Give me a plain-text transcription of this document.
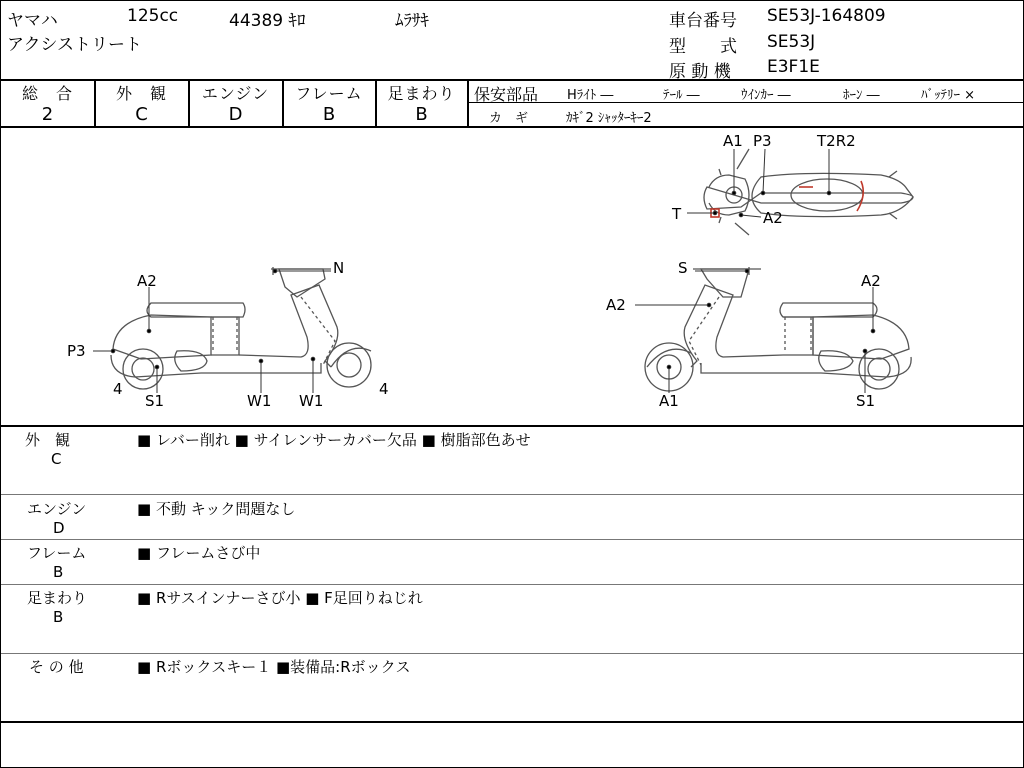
ヤマハ	125cc	44389 ｷﾛ	ﾑﾗｻｷ
アクシストリート
車台番号 SE53J-164809
型　　式 SE53J
原 動 機 E3F1E
総　合
2
外　観
C
エンジン
D
フレーム
B
足まわり
B
保安部品 Hﾗｲﾄ ―	ﾃｰﾙ ―	ｳｲﾝｶｰ ―	ﾎｰﾝ ―	ﾊﾞｯﾃﾘｰ ×
カ　ギ	ｶｷﾞ2 ｼｬｯﾀｰｷｰ2
A1 P3	T2R2
T	A2
N
A2
P3
4
S1	W1 W1
4
S
A2
A2
A1	S1
外　観
C
■ レバー削れ ■ サイレンサーカバー欠品 ■ 樹脂部色あせ
エンジン
D
■ 不動 キック問題なし
フレーム
B
■ フレームさび中
足まわり
B
■ Rサスインナーさび小 ■ F足回りねじれ
そ の 他	■ Rボックスキー１ ■装備品:Rボックス
